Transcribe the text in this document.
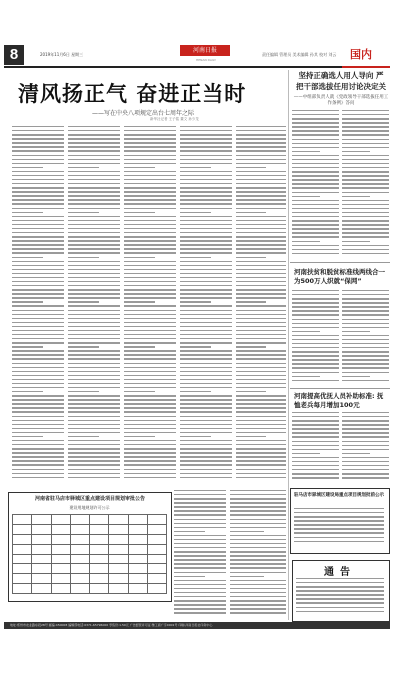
8	2019年11月6日 星期三
河南日报
HENAN DAILY
责任编辑 管理员 美术编辑 孙其 校对 刘云 国内
清风扬正气 奋进正当时
——写在中央八项规定出台七周年之际
新华社记者 王子铭 董文 孙少龙
坚持正确选人用人导向 严把干部选拔任用讨论决定关
——中组部负责人就《党政领导干部选拔任用工作条例》答问
河南扶贫和脱贫标准线两线合一 为500万人织就“保网”
河南提高优抚人员补助标准: 抚恤老兵每月增加100元
河南省驻马店市驿城区重点建设项目规划审批公告
建设用地规划许可公示

驻马店市驿城区建设局重点项目规划批前公示
通告
地址:郑州市农业路东段28号 邮编:450008 编辑部电话:0371-65796000 零售价:1.50元 广告经营许可证:豫工商广字0001号 印刷:河南日报社印务中心
